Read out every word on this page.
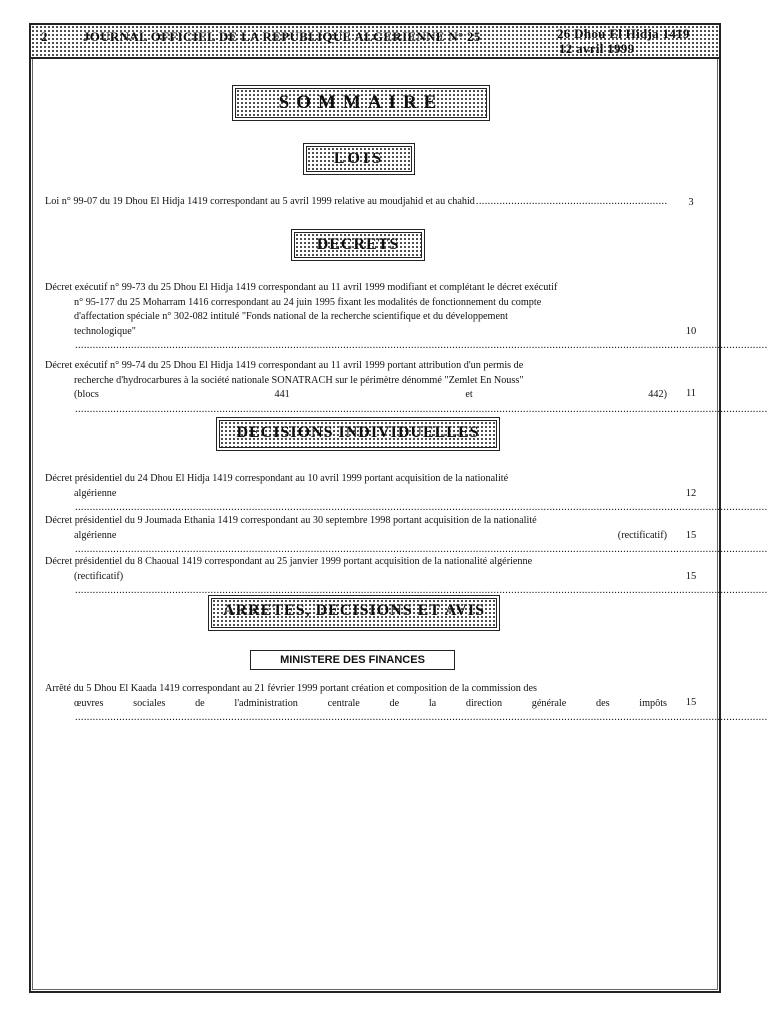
2	JOURNAL OFFICIEL DE LA REPUBLIQUE ALGERIENNE N° 25	26 Dhou El Hidja 1419
12 avril 1999
SOMMAIRE
LOIS
Loi n° 99-07 du 19 Dhou El Hidja 1419 correspondant au 5 avril 1999 relative au moudjahid et au chahid .....	3
DECRETS
Décret exécutif n° 99-73 du 25 Dhou El Hidja 1419 correspondant au 11 avril 1999 modifiant et complétant le décret exécutif
n° 95-177 du 25 Moharram 1416 correspondant au 24 juin 1995 fixant les modalités de fonctionnement du compte
d'affectation spéciale n° 302-082 intitulé "Fonds national de la recherche scientifique et du développement
technologique" .....	10
Décret exécutif n° 99-74 du 25 Dhou El Hidja 1419 correspondant au 11 avril 1999 portant attribution d'un permis de
recherche d'hydrocarbures à la société nationale SONATRACH sur le périmètre dénommé "Zemlet En Nouss"
(blocs 441 et 442) .....	11
DECISIONS INDIVIDUELLES
Décret présidentiel du 24 Dhou El Hidja 1419 correspondant au 10 avril 1999 portant acquisition de la nationalité
algérienne .....	12
Décret présidentiel du 9 Joumada Ethania 1419 correspondant au 30 septembre 1998 portant acquisition de la nationalité
algérienne (rectificatif) .....	15
Décret présidentiel du 8 Chaoual 1419 correspondant au 25 janvier 1999 portant acquisition de la nationalité algérienne
(rectificatif) .....	15
ARRETES, DECISIONS ET AVIS
MINISTERE DES FINANCES
Arrêté du 5 Dhou El Kaada 1419 correspondant au 21 février 1999 portant création et composition de la commission des
œuvres sociales de l'administration centrale de la direction générale des impôts .....	15
